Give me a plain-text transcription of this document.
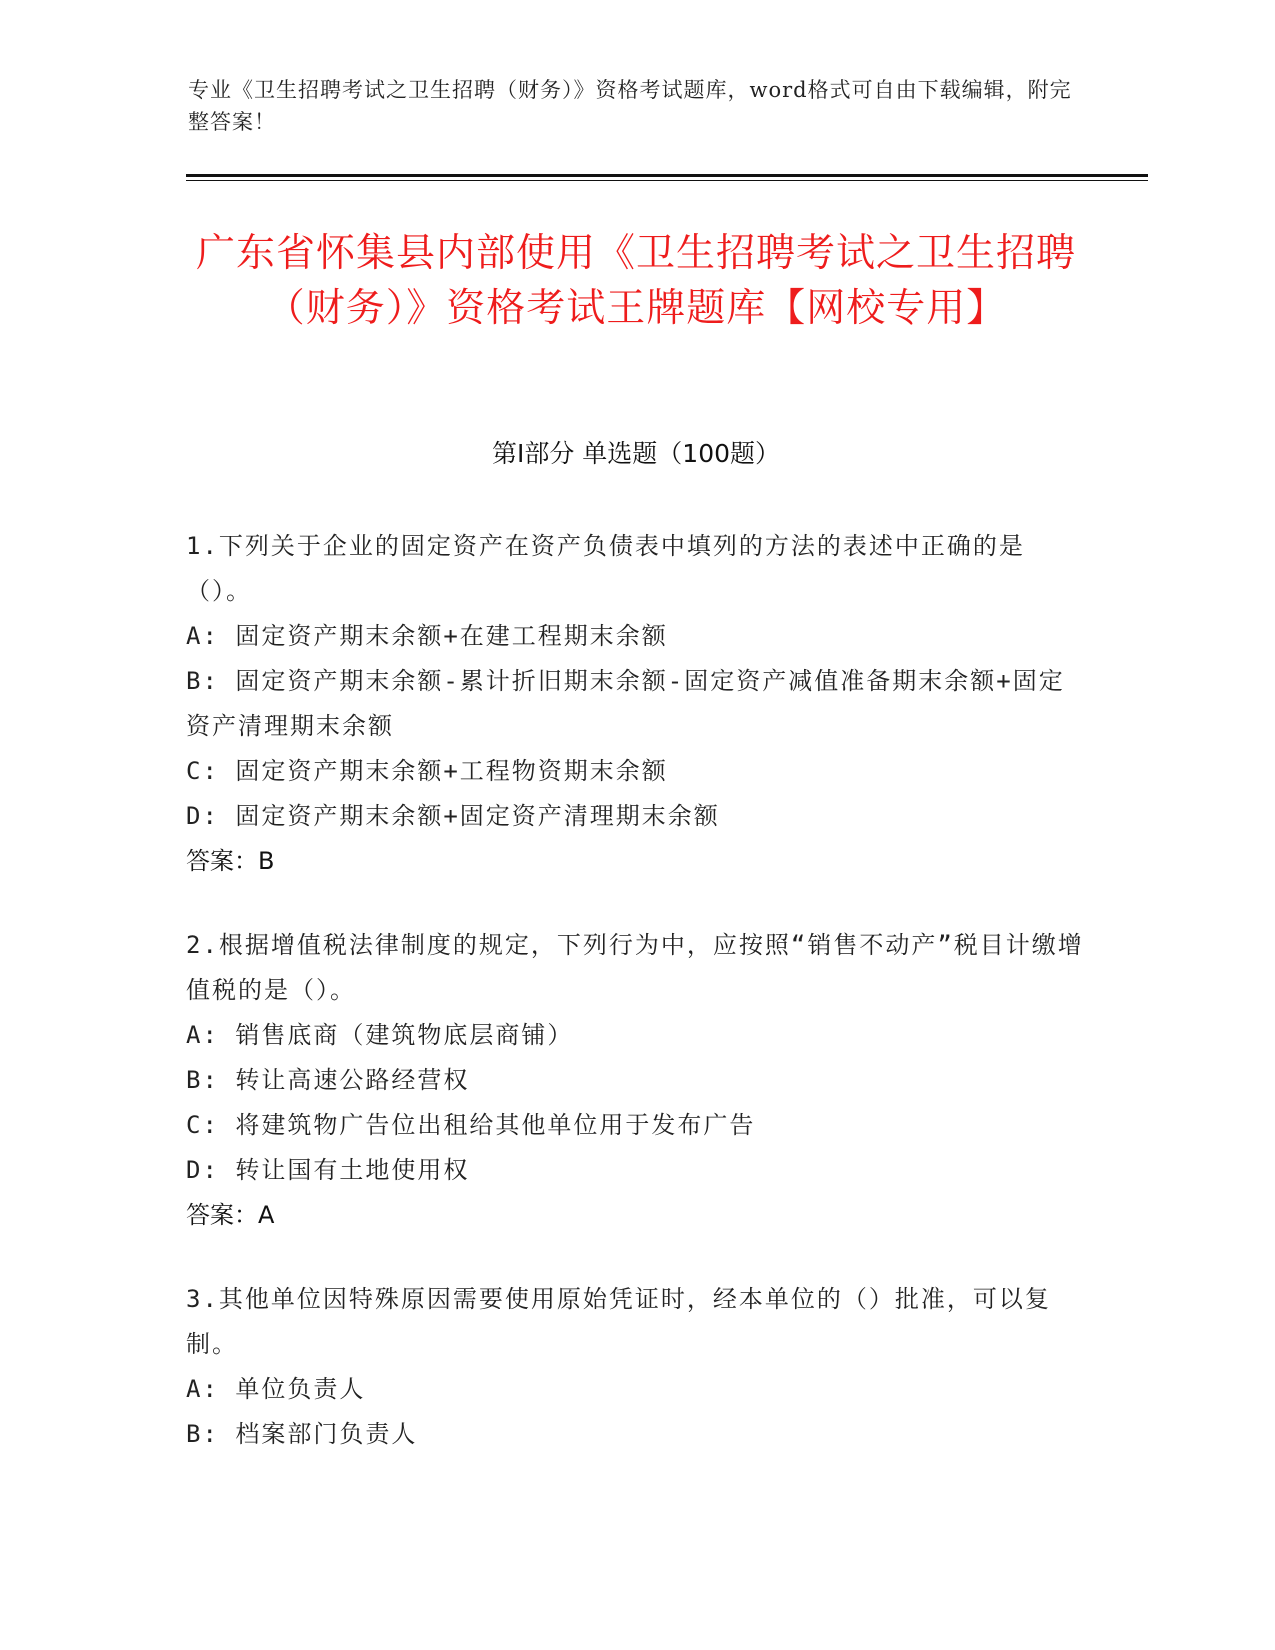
专业《卫生招聘考试之卫生招聘（财务）》资格考试题库，word格式可自由下载编辑，附完整答案！
广东省怀集县内部使用《卫生招聘考试之卫生招聘（财务）》资格考试王牌题库【网校专用】
第Ⅰ部分 单选题（100题）

1.下列关于企业的固定资产在资产负债表中填列的方法的表述中正确的是（）。

A: 固定资产期末余额+在建工程期末余额

B: 固定资产期末余额-累计折旧期末余额-固定资产减值准备期末余额+固定资产清理期末余额

C: 固定资产期末余额+工程物资期末余额

D: 固定资产期末余额+固定资产清理期末余额

答案：B

2.根据增值税法律制度的规定，下列行为中，应按照“销售不动产”税目计缴增值税的是（）。

A: 销售底商（建筑物底层商铺）

B: 转让高速公路经营权

C: 将建筑物广告位出租给其他单位用于发布广告

D: 转让国有土地使用权

答案：A

3.其他单位因特殊原因需要使用原始凭证时，经本单位的（）批准，可以复制。

A: 单位负责人

B: 档案部门负责人
